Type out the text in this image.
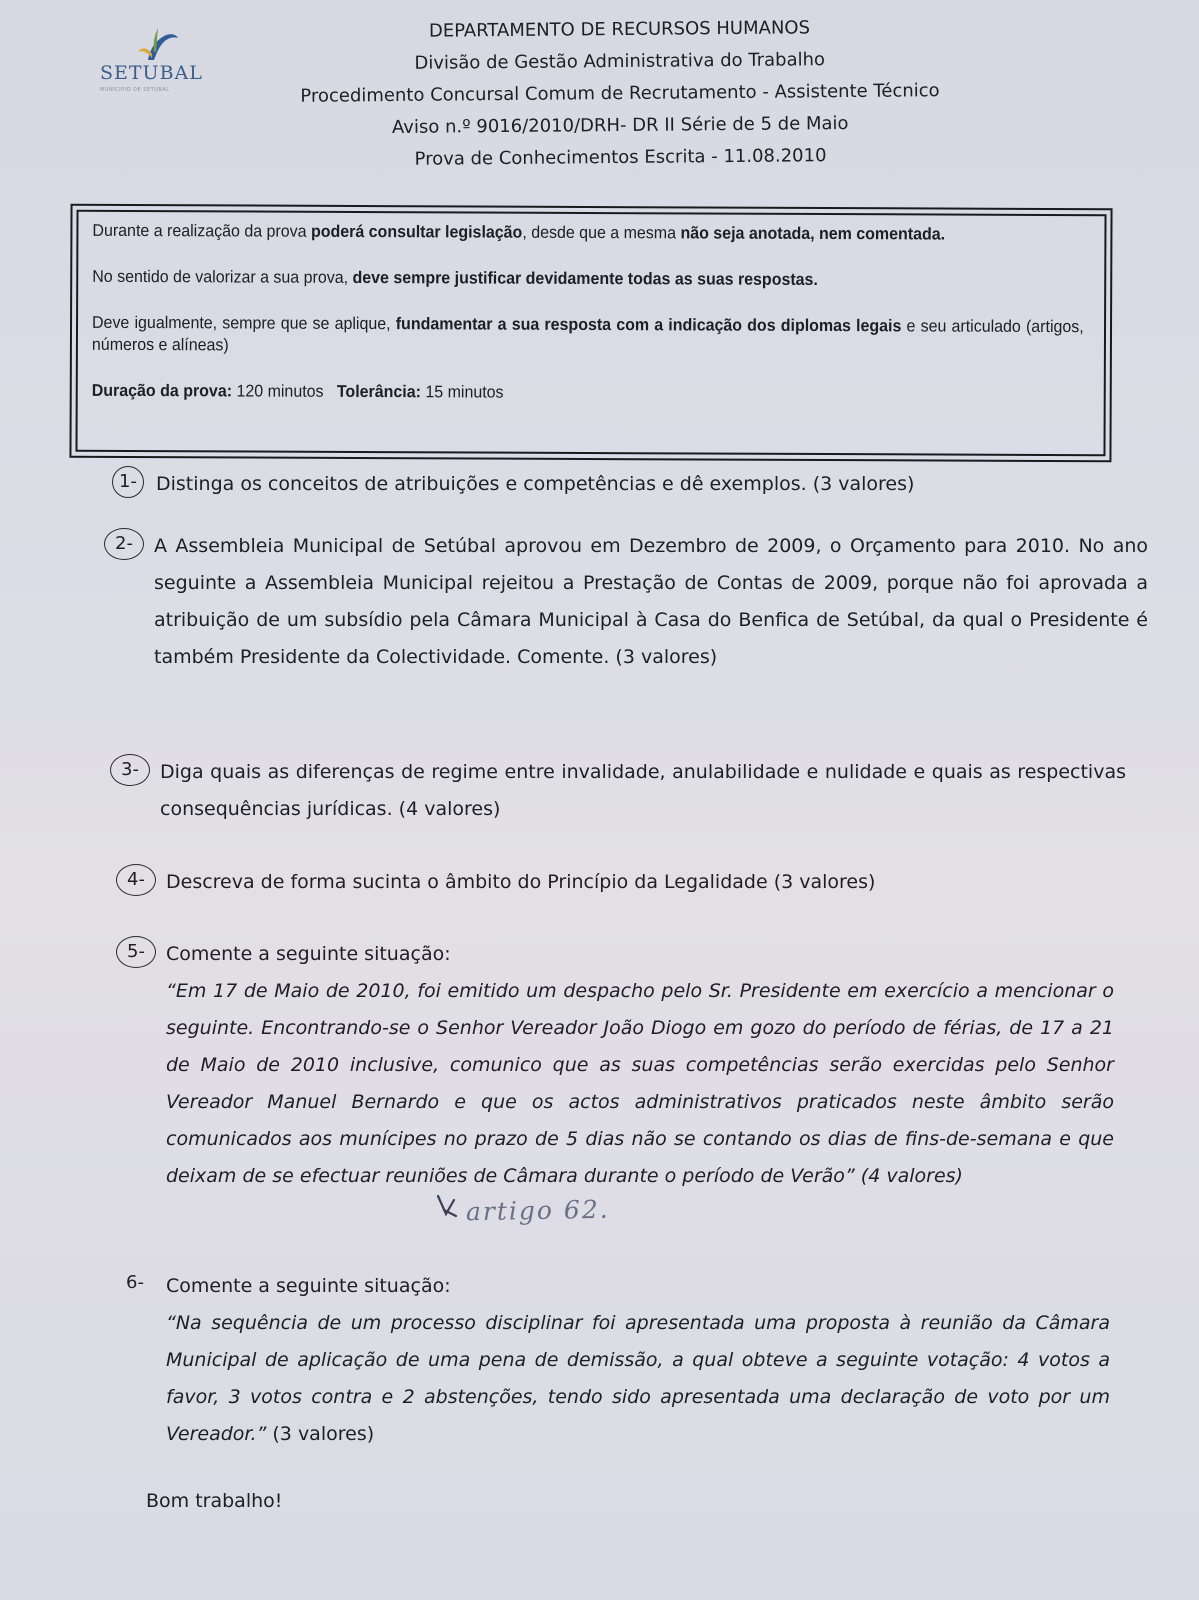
SETUBAL
MUNICIPIO DE SETUBAL
DEPARTAMENTO DE RECURSOS HUMANOS
Divisão de Gestão Administrativa do Trabalho
Procedimento Concursal Comum de Recrutamento - Assistente Técnico
Aviso n.º 9016/2010/DRH- DR II Série de 5 de Maio
Prova de Conhecimentos Escrita - 11.08.2010

Durante a realização da prova poderá consultar legislação, desde que a mesma não seja anotada, nem comentada.

No sentido de valorizar a sua prova, deve sempre justificar devidamente todas as suas respostas.

Deve igualmente, sempre que se aplique, fundamentar a sua resposta com a indicação dos diplomas legais e seu articulado (artigos, números e alíneas)

Duração da prova: 120 minutos Tolerância: 15 minutos

1-	Distinga os conceitos de atribuições e competências e dê exemplos. (3 valores)
2-	A Assembleia Municipal de Setúbal aprovou em Dezembro de 2009, o Orçamento para 2010. No ano seguinte a Assembleia Municipal rejeitou a Prestação de Contas de 2009, porque não foi aprovada a atribuição de um subsídio pela Câmara Municipal à Casa do Benfica de Setúbal, da qual o Presidente é também Presidente da Colectividade. Comente. (3 valores)
3-	Diga quais as diferenças de regime entre invalidade, anulabilidade e nulidade e quais as respectivas consequências jurídicas. (4 valores)
4-	Descreva de forma sucinta o âmbito do Princípio da Legalidade (3 valores)
5-	Comente a seguinte situação:
“Em 17 de Maio de 2010, foi emitido um despacho pelo Sr. Presidente em exercício a mencionar o seguinte. Encontrando-se o Senhor Vereador João Diogo em gozo do período de férias, de 17 a 21 de Maio de 2010 inclusive, comunico que as suas competências serão exercidas pelo Senhor Vereador Manuel Bernardo e que os actos administrativos praticados neste âmbito serão comunicados aos munícipes no prazo de 5 dias não se contando os dias de fins-de-semana e que deixam de se efectuar reuniões de Câmara durante o período de Verão” (4 valores)
6-	Comente a seguinte situação:
“Na sequência de um processo disciplinar foi apresentada uma proposta à reunião da Câmara Municipal de aplicação de uma pena de demissão, a qual obteve a seguinte votação: 4 votos a favor, 3 votos contra e 2 abstenções, tendo sido apresentada uma declaração de voto por um Vereador.” (3 valores)
artigo 62.
Bom trabalho!
